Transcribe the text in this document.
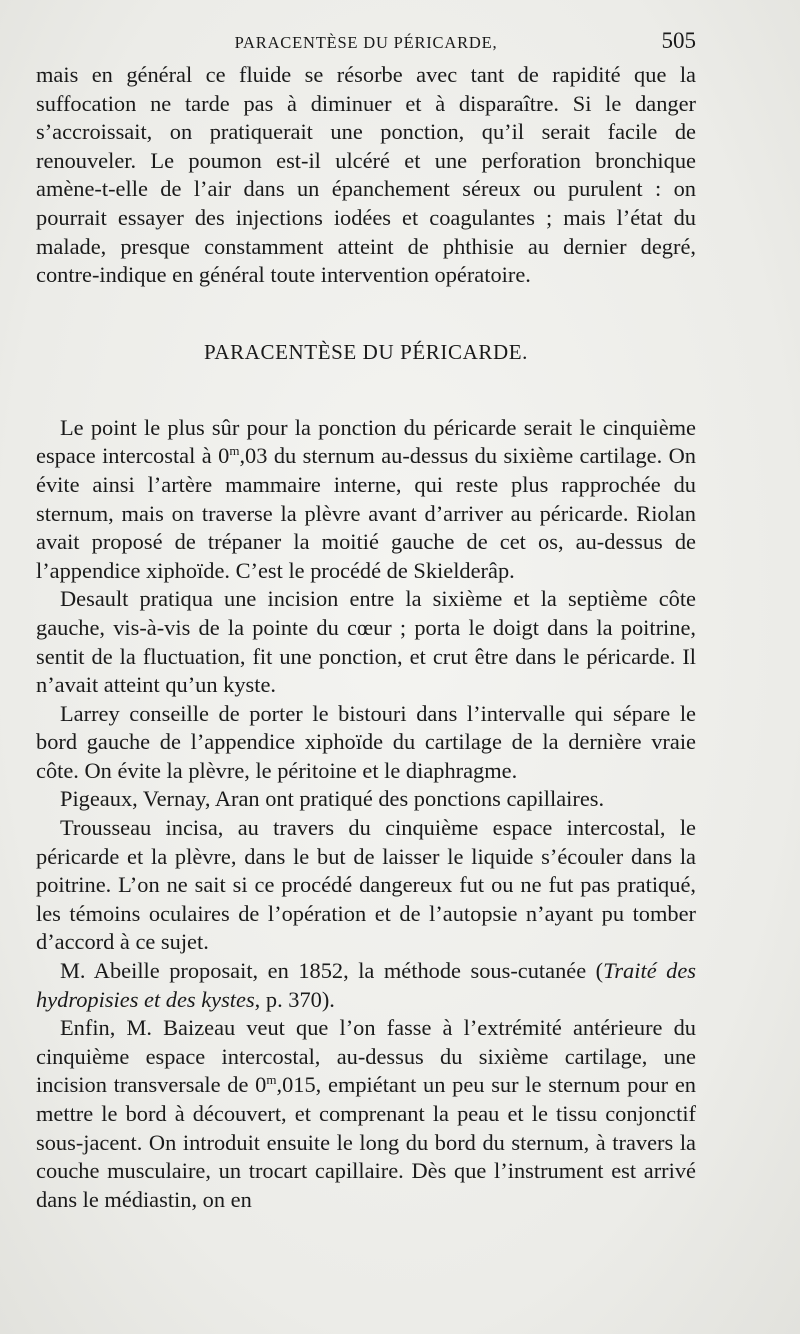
PARACENTÈSE DU PÉRICARDE,	505

mais en général ce fluide se résorbe avec tant de rapidité que la suffocation ne tarde pas à diminuer et à disparaître. Si le danger s’accroissait, on pratiquerait une ponction, qu’il serait facile de renouveler. Le poumon est-il ulcéré et une perforation bronchique amène-t-elle de l’air dans un épanchement séreux ou purulent : on pourrait essayer des injections iodées et coagulantes ; mais l’état du malade, presque constamment atteint de phthisie au dernier degré, contre-indique en général toute intervention opératoire.

PARACENTÈSE DU PÉRICARDE.

Le point le plus sûr pour la ponction du péricarde serait le cinquième espace intercostal à 0$^m$,03 du sternum au-dessus du sixième cartilage. On évite ainsi l’artère mammaire interne, qui reste plus rapprochée du sternum, mais on traverse la plèvre avant d’arriver au péricarde. Riolan avait proposé de trépaner la moitié gauche de cet os, au-dessus de l’appendice xiphoïde. C’est le procédé de Skielderâp.

Desault pratiqua une incision entre la sixième et la septième côte gauche, vis-à-vis de la pointe du cœur ; porta le doigt dans la poitrine, sentit de la fluctuation, fit une ponction, et crut être dans le péricarde. Il n’avait atteint qu’un kyste.

Larrey conseille de porter le bistouri dans l’intervalle qui sépare le bord gauche de l’appendice xiphoïde du cartilage de la dernière vraie côte. On évite la plèvre, le péritoine et le diaphragme.

Pigeaux, Vernay, Aran ont pratiqué des ponctions capillaires.

Trousseau incisa, au travers du cinquième espace intercostal, le péricarde et la plèvre, dans le but de laisser le liquide s’écouler dans la poitrine. L’on ne sait si ce procédé dangereux fut ou ne fut pas pratiqué, les témoins oculaires de l’opération et de l’autopsie n’ayant pu tomber d’accord à ce sujet.

M. Abeille proposait, en 1852, la méthode sous-cutanée (Traité des hydropisies et des kystes, p. 370).

Enfin, M. Baizeau veut que l’on fasse à l’extrémité antérieure du cinquième espace intercostal, au-dessus du sixième cartilage, une incision transversale de 0$^m$,015, empiétant un peu sur le sternum pour en mettre le bord à découvert, et comprenant la peau et le tissu conjonctif sous-jacent. On introduit ensuite le long du bord du sternum, à travers la couche musculaire, un trocart capillaire. Dès que l’instrument est arrivé dans le médiastin, on en
